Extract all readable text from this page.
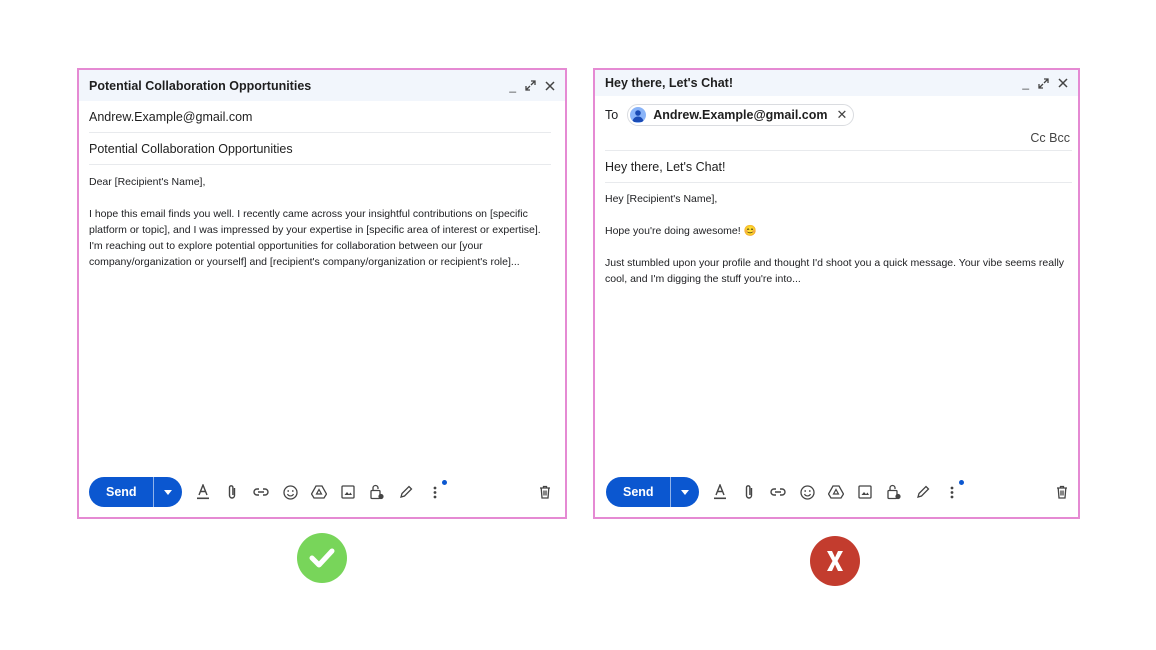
Potential Collaboration Opportunities	_
Andrew.Example@gmail.com
Potential Collaboration Opportunities

Dear [Recipient's Name],

I hope this email finds you well. I recently came across your insightful contributions on [specific platform or topic], and I was impressed by your expertise in [specific area of interest or expertise].

I'm reaching out to explore potential opportunities for collaboration between our [your company/organization or yourself] and [recipient's company/organization or recipient's role]...

Send
Hey there, Let's Chat!	_
To	Andrew.Example@gmail.com ✕
Cc Bcc
Hey there, Let's Chat!

Hey [Recipient's Name],

Hope you're doing awesome! 😊

Just stumbled upon your profile and thought I'd shoot you a quick message. Your vibe seems really cool, and I'm digging the stuff you're into...

Send
